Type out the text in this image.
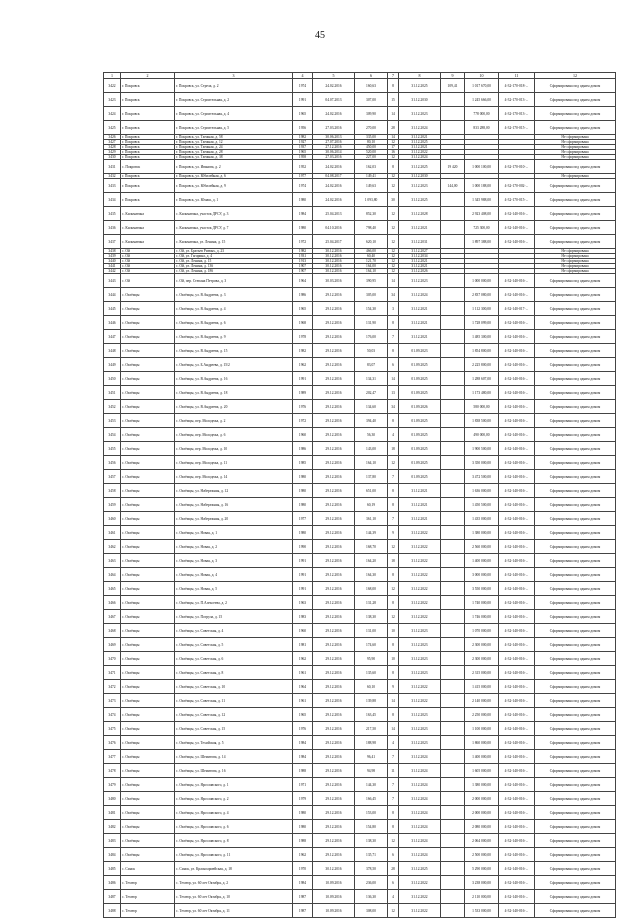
45
1	2	3	4	5	6	7	8	9	10	11	12
3422	г. Покровск	г. Покровск, ул. Стрела, д. 2	1974	24.02.2016	160,63	8	31.12.2025	109,41	1 017 670,00	4-32-170-018-...	Сформирована под одним домом
3423	г. Покровск	г. Покровск, ул. Строительная, д. 2	1991	04.07.2013	307,00	15	31.12.2030		1 245 666,00	4-32-170-013-...	Сформирована под одним домом
3424	г. Покровск	г. Покровск, ул. Строительная, д. 4	1965	24.02.2016	309,90	14	31.12.2023		778 000,00	4-32-170-013-...	Сформирована под одним домом
3425	г. Покровск	г. Покровск, ул. Строительная, д. 5	1956	27.03.2016	270,00	28	31.12.2024		833 288,00	4-32-170-015-...	Сформирована под одним домом
3426	г. Покровск	г. Покровск, ул. Таежная, д. 58	1982	30.06.2013	335,00	14	31.12.2021				Не сформирована
3427	г. Покровск	г. Покровск, ул. Таежная, д. 12	1927	27.07.2016	80,10	12	31.12.2025				Не сформирована
3428	г. Покровск	г. Покровск, ул. Таежная, д. 24	1937	27.12.2016	450,00	17	31.12.2021				Не сформирована
3429	г. Покровск	г. Покровск, ул. Таежная, д. 28	1965	30.06.2014	520,00	16	31.12.2022				Не сформирована
3430	г. Покровск	г. Покровск, ул. Таежная, д. 38	1958	27.03.2016	227,00	12	31.12.2024				Не сформирована
3431	с. Покровск	г. Покровск, ул. Иванова, д. 2	1952	24.02.2016	162,03	8	31.12.2025	19 420	1 000 100,00	4-32-170-010-...	Сформирована под одним домом
3432	г. Покровск	г. Покровск, ул. Юбилейная, д. 6	1977	04.08.2017	149,41	12	31.12.2030				Не сформирована
3433	г. Покровск	г. Покровск, ул. Юбилейная, д. 9	1974	24.02.2016	149,63	12	31.12.2023	144,00	1 000 188,00	4-32-170-002-...	Сформирована под одним домом
3434	г. Покровск	г. Покровск, ул. Юмаш, д. 1	1980	24.02.2016	1 093,80	30	31.12.2025		1 345 988,00	4-32-170-015-...	Сформирована под одним домом
3435	с. Кильматина	с. Кильматина, участок ДРСУ, д. 3	1984	25.04.2013	852,30	12	31.12.2028		2 923 408,00	4-32-140-016-...	Сформирована под одним домом
3436	с. Кильматина	с. Кильматина, участок ДРСУ, д. 7	1980	04.10.2016	798,40	12	31.12.2021		725 300,00	4-32-140-016-...	Сформирована под одним домом
3437	с. Кильматина	с. Кильматина, ул. Ленина, д. 15	1972	25.04.2017	620,10	12	31.12.2031		1 897 388,00	4-32-140-016-...	Сформирована под одним домом
3438	с. Ой	с. Ой, ул. Братьев Ризвых, д. 23	1982	30.12.2016	466,00	12	31.12.2027				Не сформирована
3439	с. Ой	с. Ой, ул. Гагарина, д. 4	1931	30.12.2016	60,40	12	31.12.2034				Не сформирована
3440	с. Ой	с. Ой, ул. Ленина, д. 15	1913	30.12.2016	121,70	12	31.12.2021				Не сформирована
3441	с. Ой	с. Ой, ул. Ленина, д. 136	1907	30.12.2016	164,00	12	31.12.2021				Не сформирована
3442	с. Ой	с. Ой, ул. Ленина, д. 186	1907	30.12.2016	164,10	12	31.12.2026				Не сформирована
3443	с. Ой	с. Ой, пер. Степана Петрова, д. 3	1964	30.03.2016	390,95	14	31.12.2023		1 000 000,00	4-32-140-016-...	Сформирована под одним домом
3444	с. Октёмцы	с. Октёмцы, ул. В.Андреева, д. 3	1986	29.12.2016	305,00	34	31.12.2024		2 837 080,00	4-32-140-016-...	Сформирована под одним домом
3445	с. Октёмцы	с. Октёмцы, ул. В.Андреева, д. 4	1965	29.12.2016	154,30	3	31.12.2021		1 112 300,00	4-32-140-017-...	Сформирована под одним домом
3446	с. Октёмцы	с. Октёмцы, ул. В.Андреева, д. 6	1968	29.12.2016	131,90	8	31.12.2021		1 728 099,00	4-32-140-016-...	Сформирована под одним домом
3447	с. Октёмцы	с. Октёмцы, ул. В.Андреева, д. 9	1978	29.12.2016	176,00	7	31.12.2021		1 485 300,00	4-32-140-016-...	Сформирована под одним домом
3448	с. Октёмцы	с. Октёмцы, ул. В.Андреева, д. 15	1982	29.12.2016	50,03	8	01.09.2023		1 854 800,00	4-32-140-016-...	Сформирована под одним домом
3449	с. Октёмцы	с. Октёмцы, ул. Б.Андреева, д. 15/2	1962	29.12.2016	83,07	6	01.09.2025		2 225 800,00	4-32-140-016-...	Сформирована под одним домом
3450	с. Октёмцы	с. Октёмцы, ул. В.Андреева, д. 16	1991	29.12.2016	134,31	14	01.09.2025		1 288 607,00	4-32-140-016-...	Сформирована под одним домом
3451	с. Октёмцы	с. Октёмцы, ул. В.Андреева, д. 18	1989	29.12.2016	202,47	13	01.09.2025		1 173 480,00	4-32-140-016-...	Сформирована под одним домом
3452	с. Октёмцы	с. Октёмцы, ул. В.Андреева, д. 20	1976	29.12.2016	134,60	34	01.09.2026		580 000,00	4-32-140-016-...	Сформирована под одним домом
3453	с. Октёмцы	с. Октёмцы, пер. Молодежа, д. 2	1972	29.12.2016	394,40	8	01.09.2025		1 838 500,00	4-32-140-016-...	Сформирована под одним домом
3454	с. Октёмцы	с. Октёмцы, пер. Молодежа, д. 6	1960	29.12.2016	56,30	4	01.09.2025		490 000,00	4-32-140-016-...	Сформирована под одним домом
3455	с. Октёмцы	с. Октёмцы, пер. Молодежа, д. 10	1986	29.12.2016	143,00	18	01.09.2025		1 900 500,00	4-32-140-016-...	Сформирована под одним домом
3456	с. Октёмцы	с. Октёмцы, пер. Молодежа, д. 11	1985	29.12.2016	164,10	12	01.09.2025		3 350 000,00	4-32-140-016-...	Сформирована под одним домом
3457	с. Октёмцы	с. Октёмцы, пер. Молодежа, д. 14	1980	29.12.2016	137,80	7	01.09.2025		3 472 500,00	4-32-140-016-...	Сформирована под одним домом
3458	с. Октёмцы	с. Октёмцы, ул. Набережная, д. 12	1980	29.12.2016	651,00	8	31.12.2021		1 636 000,00	4-32-140-016-...	Сформирована под одним домом
3459	с. Октёмцы	с. Октёмцы, ул. Набережная, д. 16	1980	29.12.2016	60,19	8	31.12.2021		1 450 500,00	4-32-140-016-...	Сформирована под одним домом
3460	с. Октёмцы	с. Октёмцы, ул. Набережная, д. 20	1977	29.12.2016	361,10	7	31.12.2021		1 435 000,00	4-32-140-016-...	Сформирована под одним домом
3461	с. Октёмцы	с. Октёмцы, ул. Новая, д. 1	1980	29.12.2016	144,39	9	31.12.2022		1 380 000,00	4-32-140-016-...	Сформирована под одним домом
3462	с. Октёмцы	с. Октёмцы, ул. Новая, д. 2	1990	29.12.2016	168,70	12	31.12.2022		2 560 000,00	4-32-140-016-...	Сформирована под одним домом
3463	с. Октёмцы	с. Октёмцы, ул. Новая, д. 3	1991	29.12.2016	164,20	18	31.12.2022		1 400 000,00	4-32-140-016-...	Сформирована под одним домом
3464	с. Октёмцы	с. Октёмцы, ул. Новая, д. 4	1991	29.12.2016	164,30	8	31.12.2022		3 000 000,00	4-32-140-016-...	Сформирована под одним домом
3465	с. Октёмцы	с. Октёмцы, ул. Новая, д. 5	1991	29.12.2016	168,00	12	31.12.2022		3 550 000,00	4-32-140-016-...	Сформирована под одним домом
3466	с. Октёмцы	с. Октёмцы, ул. П.Алексеева, д. 2	1963	29.12.2016	131,28	8	31.12.2022		1 740 000,00	4-32-140-016-...	Сформирована под одним домом
3467	с. Октёмцы	с. Октёмцы, ул. Погрула, д. 15	1983	29.12.2016	138,30	12	31.12.2022		1 746 000,00	4-32-140-016-...	Сформирована под одним домом
3468	с. Октёмцы	с. Октёмцы, ул. Советская, д. 4	1960	29.12.2016	131,00	10	31.12.2023		1 070 000,00	4-32-140-016-...	Сформирована под одним домом
3469	с. Октёмцы	с. Октёмцы, ул. Советская, д. 5	1981	29.12.2016	174,60	8	31.12.2023		2 300 000,00	4-32-140-016-...	Сформирована под одним домом
3470	с. Октёмцы	с. Октёмцы, ул. Советская, д. 6	1962	29.12.2016	95,90	10	31.12.2023		2 300 000,00	4-32-140-016-...	Сформирована под одним домом
3471	с. Октёмцы	с. Октёмцы, ул. Советская, д. 8	1961	29.12.2016	135,60	8	31.12.2023		2 315 000,00	4-32-140-016-...	Сформирована под одним домом
3472	с. Октёмцы	с. Октёмцы, ул. Советская, д. 10	1964	29.12.2016	60,10	9	31.12.2022		1 415 000,00	4-32-140-016-...	Сформирована под одним домом
3473	с. Октёмцы	с. Октёмцы, ул. Советская, д. 11	1961	29.12.2016	139,88	14	31.12.2022		2 140 000,00	4-32-140-016-...	Сформирована под одним домом
3474	с. Октёмцы	с. Октёмцы, ул. Советская, д. 12	1965	29.12.2016	163,45	8	31.12.2023		2 250 000,00	4-32-140-016-...	Сформирована под одним домом
3475	с. Октёмцы	с. Октёмцы, ул. Советская, д. 15	1976	29.12.2016	217,50	14	31.12.2023		1 100 000,00	4-32-140-016-...	Сформирована под одним домом
3476	с. Октёмцы	с. Октёмцы, ул. Техийская, д. 5	1984	29.12.2016	188,98	4	31.12.2023		1 860 000,00	4-32-140-016-...	Сформирована под одним домом
3477	с. Октёмцы	с. Октёмцы, ул. Шемитова, д. 14	1984	29.12.2016	96,41	7	31.12.2024		1 400 000,00	4-32-140-016-...	Сформирована под одним домом
3478	с. Октёмцы	с. Октёмцы, ул. Шемитова, д. 16	1988	29.12.2016	94,98	11	31.12.2024		1 605 000,00	4-32-140-016-...	Сформирована под одним домом
3479	с. Октёмцы	с. Октёмцы, ул. Ярославского, д. 1	1971	29.12.2016	144,30	7	31.12.2024		1 380 000,00	4-32-140-016-...	Сформирована под одним домом
3480	с. Октёмцы	с. Октёмцы, ул. Ярославского, д. 2	1979	29.12.2016	166,45	7	31.12.2024		2 000 000,00	4-32-140-016-...	Сформирована под одним домом
3481	с. Октёмцы	с. Октёмцы, ул. Ярославского, д. 4	1980	29.12.2016	153,00	8	31.12.2024		2 000 000,00	4-32-140-016-...	Сформирована под одним домом
3482	с. Октёмцы	с. Октёмцы, ул. Ярославского, д. 6	1980	29.12.2016	154,80	8	31.12.2024		2 080 000,00	4-32-140-016-...	Сформирована под одним домом
3483	с. Октёмцы	с. Октёмцы, ул. Ярославского, д. 8	1988	29.12.2016	138,30	12	31.12.2024		2 064 000,00	4-32-140-016-...	Сформирована под одним домом
3484	с. Октёмцы	с. Октёмцы, ул. Ярославского, д. 11	1962	29.12.2016	135,71	6	31.12.2024		2 500 000,00	4-32-140-016-...	Сформирована под одним домом
3485	с. Синск	с. Синск, ул. Красноармейская, д. 18	1970	30.12.2016	378,50	28	31.12.2025		5 290 000,00	4-32-140-016-...	Сформирована под одним домом
3486	с. Техтюр	с. Техтюр, ул. 60 лет Октября, д. 2	1984	10.09.2016	236,00	6	31.12.2022		3 238 000,00	4-32-140-016-...	Сформирована под одним домом
3487	с. Техтюр	с. Техтюр, ул. 60 лет Октября, д. 10	1987	10.09.2016	136,30	4	31.12.2022		2 110 000,00	4-32-140-016-...	Сформирована под одним домом
3488	с. Техтюр	с. Техтюр, ул. 60 лет Октября, д. 11	1987	10.09.2016	308,00	12	31.12.2022		1 533 000,00	4-32-140-016-...	Сформирована под одним домом
